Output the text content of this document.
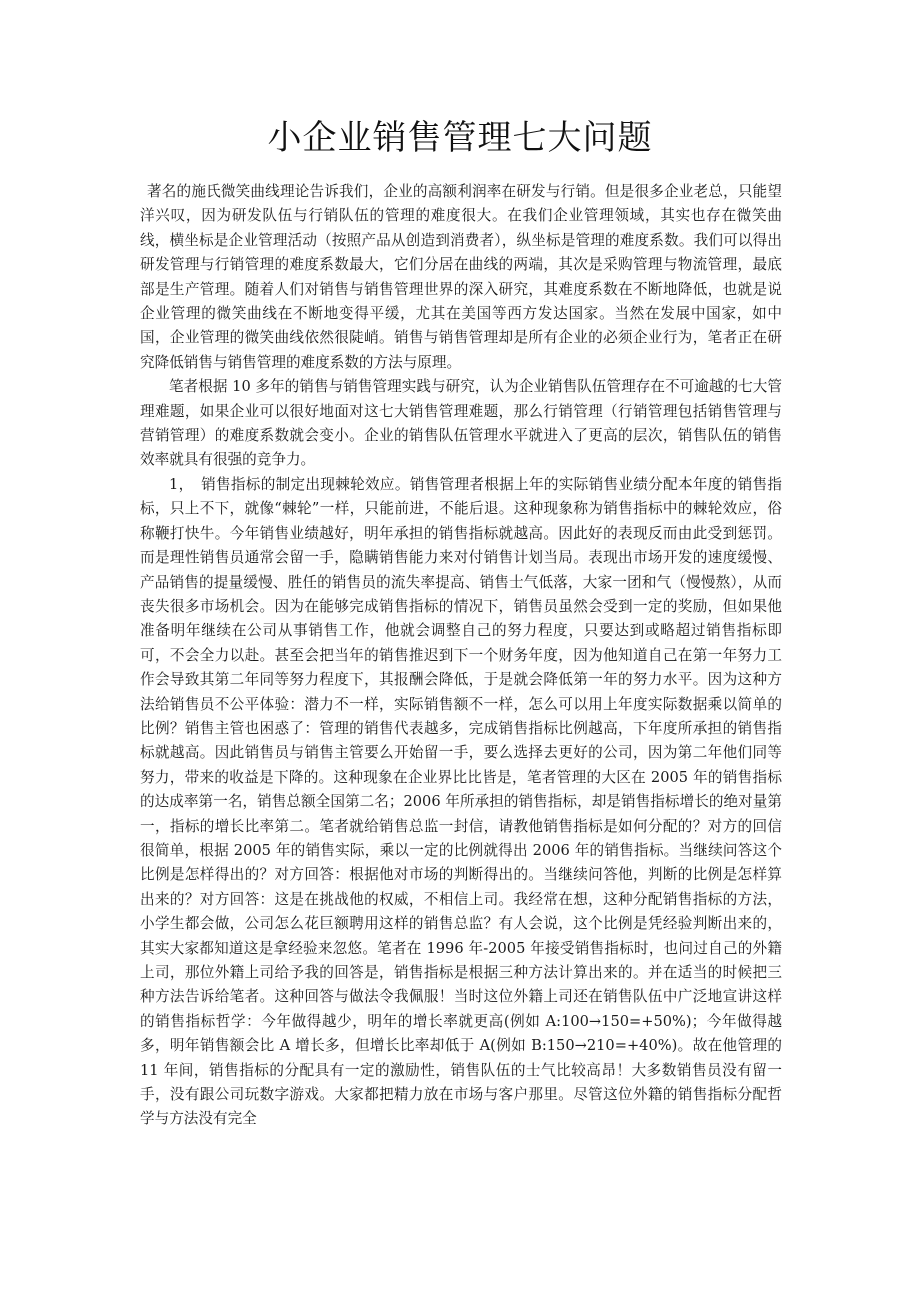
小企业销售管理七大问题

著名的施氏微笑曲线理论告诉我们，企业的高额利润率在研发与行销。但是很多企业老总，只能望洋兴叹，因为研发队伍与行销队伍的管理的难度很大。在我们企业管理领域，其实也存在微笑曲线，横坐标是企业管理活动（按照产品从创造到消费者），纵坐标是管理的难度系数。我们可以得出研发管理与行销管理的难度系数最大，它们分居在曲线的两端，其次是采购管理与物流管理，最底部是生产管理。随着人们对销售与销售管理世界的深入研究，其难度系数在不断地降低，也就是说企业管理的微笑曲线在不断地变得平缓，尤其在美国等西方发达国家。当然在发展中国家，如中国，企业管理的微笑曲线依然很陡峭。销售与销售管理却是所有企业的必须企业行为，笔者正在研究降低销售与销售管理的难度系数的方法与原理。

笔者根据 10 多年的销售与销售管理实践与研究，认为企业销售队伍管理存在不可逾越的七大管理难题，如果企业可以很好地面对这七大销售管理难题，那么行销管理（行销管理包括销售管理与营销管理）的难度系数就会变小。企业的销售队伍管理水平就进入了更高的层次，销售队伍的销售效率就具有很强的竞争力。

1，　销售指标的制定出现棘轮效应。销售管理者根据上年的实际销售业绩分配本年度的销售指标，只上不下，就像“棘轮”一样，只能前进，不能后退。这种现象称为销售指标中的棘轮效应，俗称鞭打快牛。今年销售业绩越好，明年承担的销售指标就越高。因此好的表现反而由此受到惩罚。而是理性销售员通常会留一手，隐瞒销售能力来对付销售计划当局。表现出市场开发的速度缓慢、产品销售的提量缓慢、胜任的销售员的流失率提高、销售士气低落，大家一团和气（慢慢熬），从而丧失很多市场机会。因为在能够完成销售指标的情况下，销售员虽然会受到一定的奖励，但如果他准备明年继续在公司从事销售工作，他就会调整自己的努力程度，只要达到或略超过销售指标即可，不会全力以赴。甚至会把当年的销售推迟到下一个财务年度，因为他知道自己在第一年努力工作会导致其第二年同等努力程度下，其报酬会降低，于是就会降低第一年的努力水平。因为这种方法给销售员不公平体验：潜力不一样，实际销售额不一样，怎么可以用上年度实际数据乘以简单的比例？销售主管也困惑了：管理的销售代表越多，完成销售指标比例越高，下年度所承担的销售指标就越高。因此销售员与销售主管要么开始留一手，要么选择去更好的公司，因为第二年他们同等努力，带来的收益是下降的。这种现象在企业界比比皆是，笔者管理的大区在 2005 年的销售指标的达成率第一名，销售总额全国第二名；2006 年所承担的销售指标，却是销售指标增长的绝对量第一，指标的增长比率第二。笔者就给销售总监一封信，请教他销售指标是如何分配的？对方的回信很简单，根据 2005 年的销售实际，乘以一定的比例就得出 2006 年的销售指标。当继续问答这个比例是怎样得出的？对方回答：根据他对市场的判断得出的。当继续问答他，判断的比例是怎样算出来的？对方回答：这是在挑战他的权威，不相信上司。我经常在想，这种分配销售指标的方法，小学生都会做，公司怎么花巨额聘用这样的销售总监？有人会说，这个比例是凭经验判断出来的，其实大家都知道这是拿经验来忽悠。笔者在 1996 年-2005 年接受销售指标时，也问过自己的外籍上司，那位外籍上司给予我的回答是，销售指标是根据三种方法计算出来的。并在适当的时候把三种方法告诉给笔者。这种回答与做法令我佩服！当时这位外籍上司还在销售队伍中广泛地宣讲这样的销售指标哲学：今年做得越少，明年的增长率就更高(例如 A:100→150=+50%)；今年做得越多，明年销售额会比 A 增长多，但增长比率却低于 A(例如 B:150→210=+40%)。故在他管理的 11 年间，销售指标的分配具有一定的激励性，销售队伍的士气比较高昂！大多数销售员没有留一手，没有跟公司玩数字游戏。大家都把精力放在市场与客户那里。尽管这位外籍的销售指标分配哲学与方法没有完全
